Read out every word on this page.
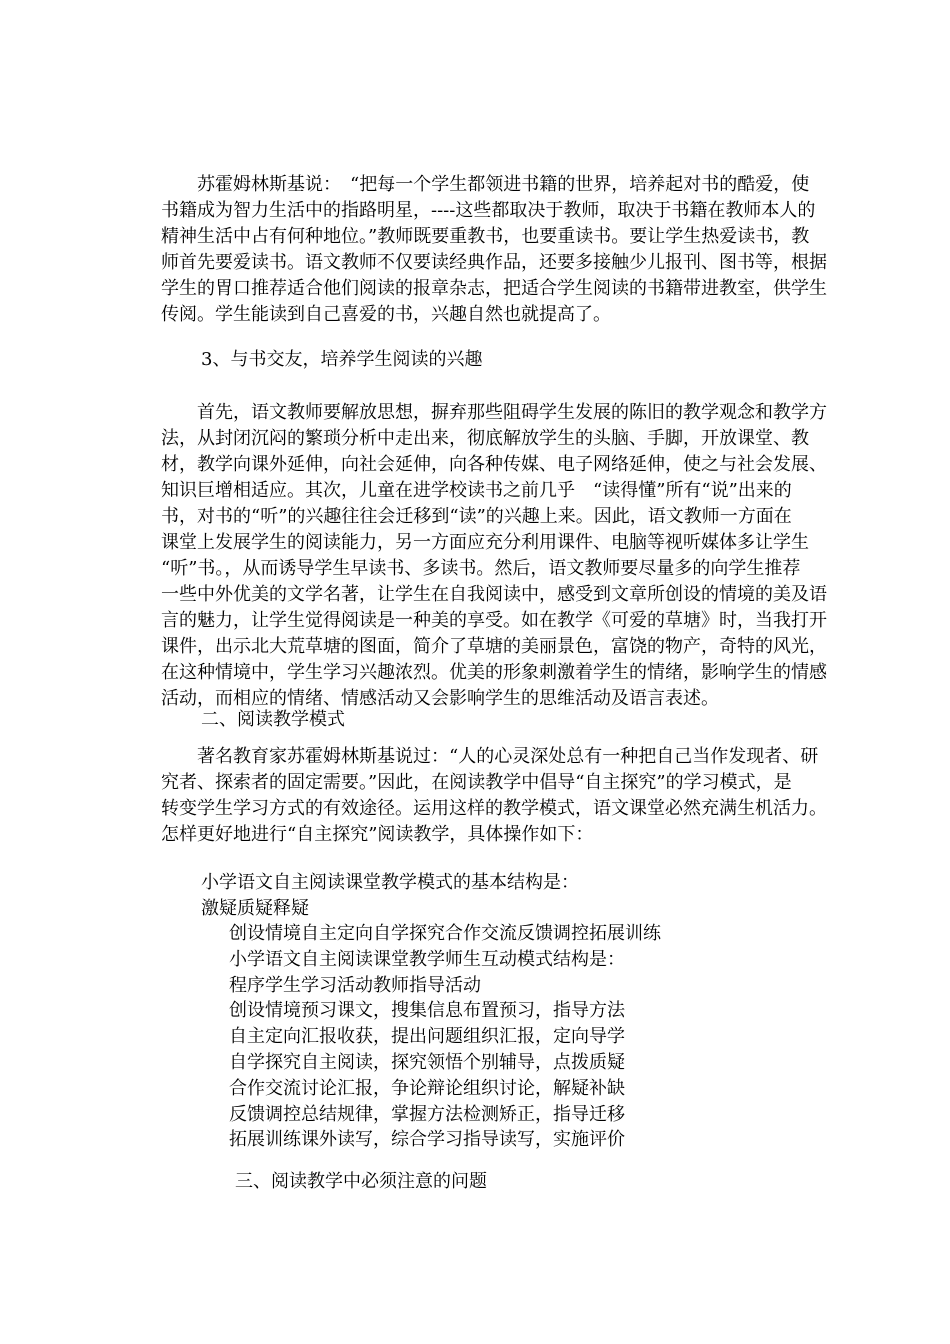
　　苏霍姆林斯基说：　“把每一个学生都领进书籍的世界，培养起对书的酷爱，使
书籍成为智力生活中的指路明星，----这些都取决于教师，取决于书籍在教师本人的
精神生活中占有何种地位。”教师既要重教书，也要重读书。要让学生热爱读书，教
师首先要爱读书。语文教师不仅要读经典作品，还要多接触少儿报刊、图书等，根据
学生的胃口推荐适合他们阅读的报章杂志，把适合学生阅读的书籍带进教室，供学生
传阅。学生能读到自己喜爱的书，兴趣自然也就提高了。

3、与书交友，培养学生阅读的兴趣

　　首先，语文教师要解放思想，摒弃那些阻碍学生发展的陈旧的教学观念和教学方
法，从封闭沉闷的繁琐分析中走出来，彻底解放学生的头脑、手脚，开放课堂、教
材，教学向课外延伸，向社会延伸，向各种传媒、电子网络延伸，使之与社会发展、
知识巨增相适应。其次，儿童在进学校读书之前几乎　“读得懂”所有“说”出来的
书，对书的“听”的兴趣往往会迁移到“读”的兴趣上来。因此，语文教师一方面在
课堂上发展学生的阅读能力，另一方面应充分利用课件、电脑等视听媒体多让学生
“听”书。，从而诱导学生早读书、多读书。然后，语文教师要尽量多的向学生推荐
一些中外优美的文学名著，让学生在自我阅读中，感受到文章所创设的情境的美及语
言的魅力，让学生觉得阅读是一种美的享受。如在教学《可爱的草塘》时，当我打开
课件，出示北大荒草塘的图面，简介了草塘的美丽景色，富饶的物产，奇特的风光，
在这种情境中，学生学习兴趣浓烈。优美的形象刺激着学生的情绪，影响学生的情感
活动，而相应的情绪、情感活动又会影响学生的思维活动及语言表述。

二、阅读教学模式

　　著名教育家苏霍姆林斯基说过：“人的心灵深处总有一种把自己当作发现者、研
究者、探索者的固定需要。”因此，在阅读教学中倡导“自主探究”的学习模式，是
转变学生学习方式的有效途径。运用这样的教学模式，语文课堂必然充满生机活力。
怎样更好地进行“自主探究”阅读教学，具体操作如下：

小学语文自主阅读课堂教学模式的基本结构是：

激疑质疑释疑

创设情境自主定向自学探究合作交流反馈调控拓展训练
小学语文自主阅读课堂教学师生互动模式结构是：
程序学生学习活动教师指导活动
创设情境预习课文，搜集信息布置预习，指导方法
自主定向汇报收获，提出问题组织汇报，定向导学
自学探究自主阅读，探究领悟个别辅导，点拨质疑
合作交流讨论汇报，争论辩论组织讨论，解疑补缺
反馈调控总结规律，掌握方法检测矫正，指导迁移
拓展训练课外读写，综合学习指导读写，实施评价

三、阅读教学中必须注意的问题
